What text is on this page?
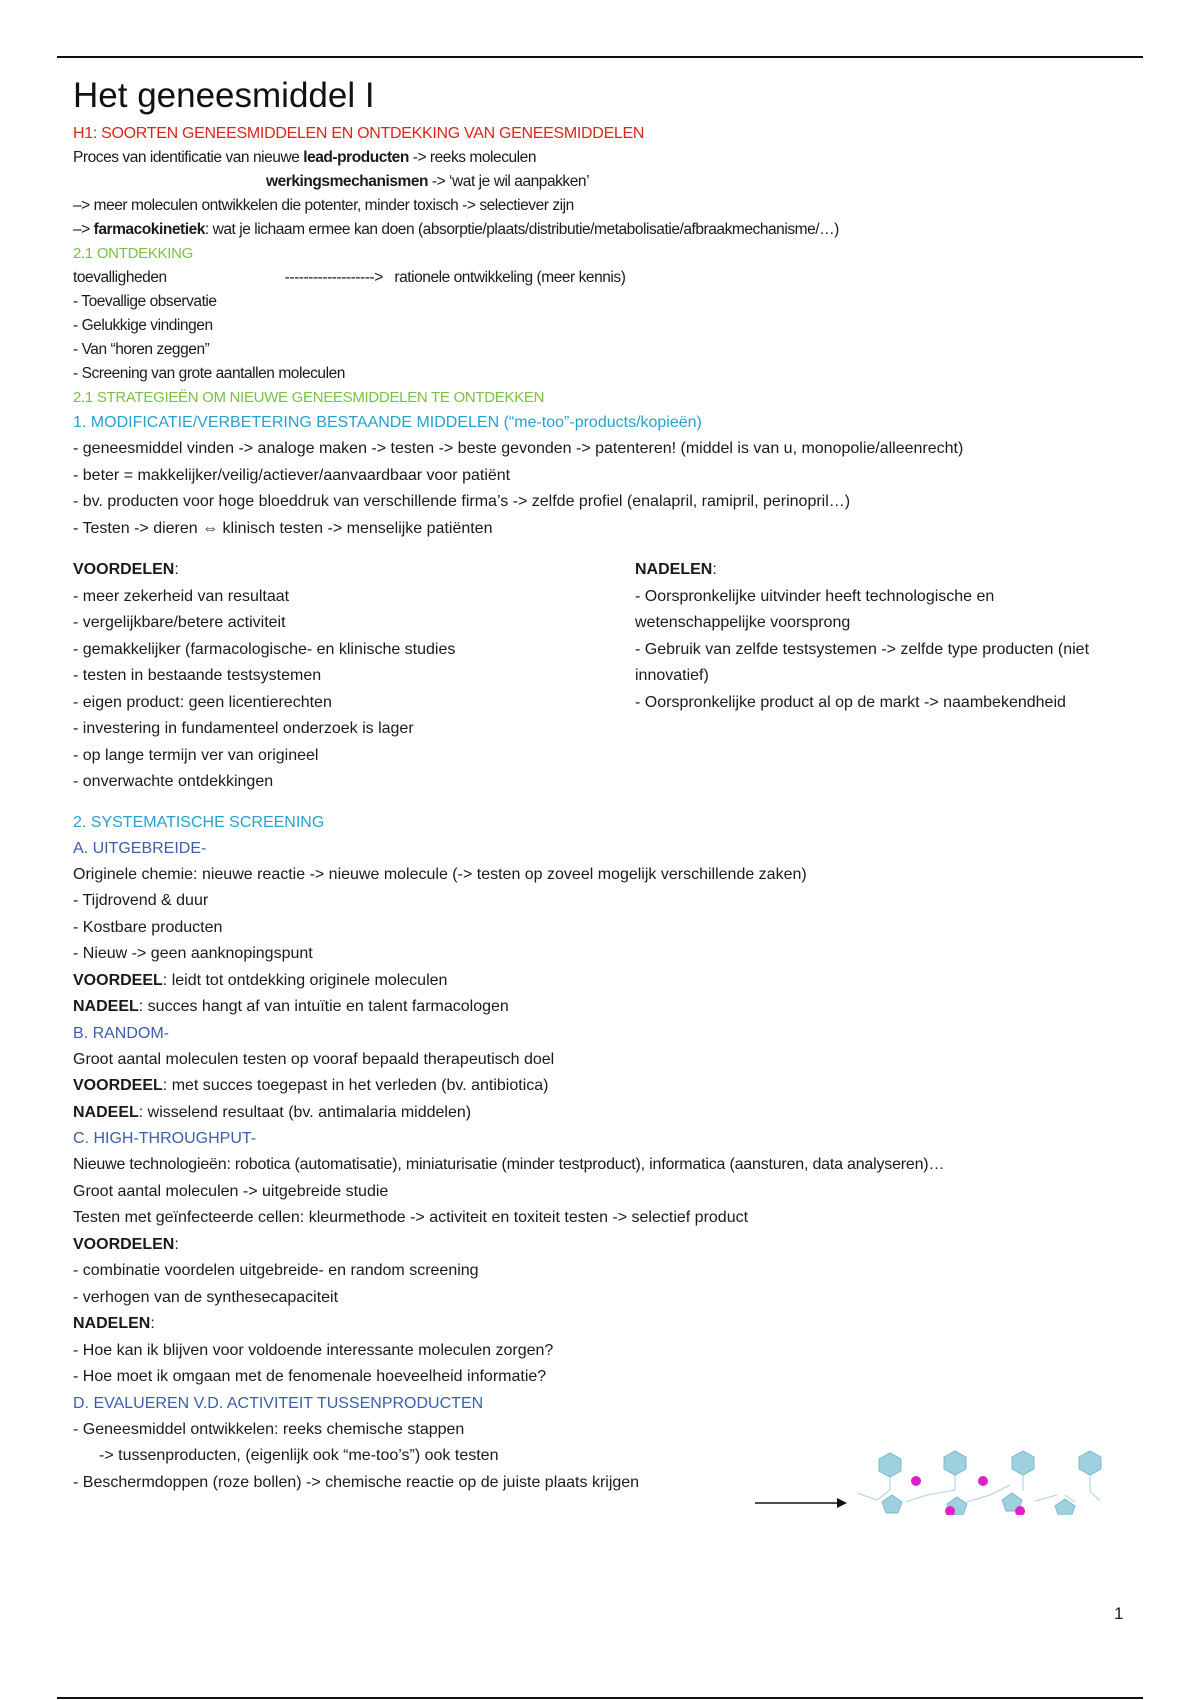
Het geneesmiddel I
H1: SOORTEN GENEESMIDDELEN EN ONTDEKKING VAN GENEESMIDDELEN
Proces van identificatie van nieuwe lead-producten -> reeks moleculen
werkingsmechanismen -> ‘wat je wil aanpakken’
–> meer moleculen ontwikkelen die potenter, minder toxisch -> selectiever zijn
–> farmacokinetiek: wat je lichaam ermee kan doen (absorptie/plaats/distributie/metabolisatie/afbraakmechanisme/…)
2.1 ONTDEKKING
toevalligheden	-------------------> rationele ontwikkeling (meer kennis)
- Toevallige observatie
- Gelukkige vindingen
- Van “horen zeggen”
- Screening van grote aantallen moleculen
2.1 STRATEGIEËN OM NIEUWE GENEESMIDDELEN TE ONTDEKKEN
1. MODIFICATIE/VERBETERING BESTAANDE MIDDELEN (“me-too”-products/kopieën)
- geneesmiddel vinden -> analoge maken -> testen -> beste gevonden -> patenteren! (middel is van u, monopolie/alleenrecht)
- beter = makkelijker/veilig/actiever/aanvaardbaar voor patiënt
- bv. producten voor hoge bloeddruk van verschillende firma’s -> zelfde profiel (enalapril, ramipril, perinopril…)
- Testen -> dieren ⇔ klinisch testen -> menselijke patiënten
VOORDELEN:
- meer zekerheid van resultaat
- vergelijkbare/betere activiteit
- gemakkelijker (farmacologische- en klinische studies
- testen in bestaande testsystemen
- eigen product: geen licentierechten
- investering in fundamenteel onderzoek is lager
- op lange termijn ver van origineel
- onverwachte ontdekkingen
NADELEN:
- Oorspronkelijke uitvinder heeft technologische en wetenschappelijke voorsprong
- Gebruik van zelfde testsystemen -> zelfde type producten (niet innovatief)
- Oorspronkelijke product al op de markt -> naambekendheid
2. SYSTEMATISCHE SCREENING
A. UITGEBREIDE-
Originele chemie: nieuwe reactie -> nieuwe molecule (-> testen op zoveel mogelijk verschillende zaken)
- Tijdrovend & duur
- Kostbare producten
- Nieuw -> geen aanknopingspunt
VOORDEEL: leidt tot ontdekking originele moleculen
NADEEL: succes hangt af van intuïtie en talent farmacologen
B. RANDOM-
Groot aantal moleculen testen op vooraf bepaald therapeutisch doel
VOORDEEL: met succes toegepast in het verleden (bv. antibiotica)
NADEEL: wisselend resultaat (bv. antimalaria middelen)
C. HIGH-THROUGHPUT-
Nieuwe technologieën: robotica (automatisatie), miniaturisatie (minder testproduct), informatica (aansturen, data analyseren)…
Groot aantal moleculen -> uitgebreide studie
Testen met geïnfecteerde cellen: kleurmethode -> activiteit en toxiteit testen -> selectief product
VOORDELEN:
- combinatie voordelen uitgebreide- en random screening
- verhogen van de synthesecapaciteit
NADELEN:
- Hoe kan ik blijven voor voldoende interessante moleculen zorgen?
- Hoe moet ik omgaan met de fenomenale hoeveelheid informatie?
D. EVALUEREN V.D. ACTIVITEIT TUSSENPRODUCTEN
- Geneesmiddel ontwikkelen: reeks chemische stappen
-> tussenproducten, (eigenlijk ook “me-too’s”) ook testen
- Beschermdoppen (roze bollen) -> chemische reactie op de juiste plaats krijgen
1
